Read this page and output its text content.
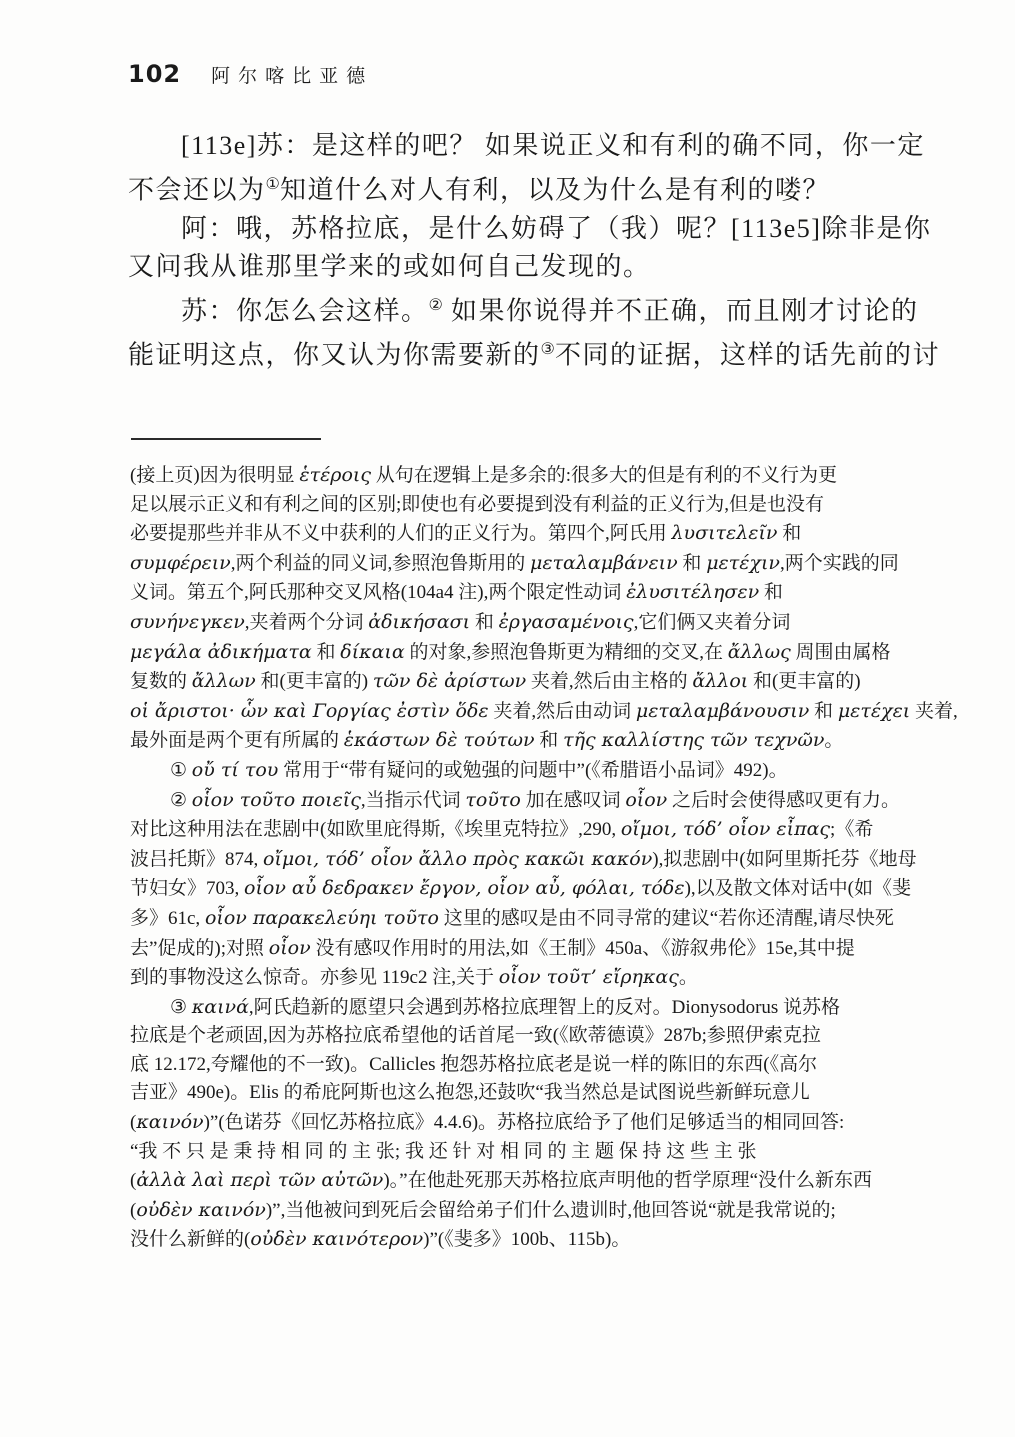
102 阿尔喀比亚德
[113e]苏：是这样的吧？ 如果说正义和有利的确不同，你一定
不会还以为①知道什么对人有利，以及为什么是有利的喽？
阿：哦，苏格拉底，是什么妨碍了（我）呢？[113e5]除非是你
又问我从谁那里学来的或如何自己发现的。
苏：你怎么会这样。② 如果你说得并不正确，而且刚才讨论的
能证明这点，你又认为你需要新的③不同的证据，这样的话先前的讨
(接上页)因为很明显 ἑτέροις 从句在逻辑上是多余的:很多大的但是有利的不义行为更
足以展示正义和有利之间的区别;即使也有必要提到没有利益的正义行为,但是也没有
必要提那些并非从不义中获利的人们的正义行为。第四个,阿氏用 λυσιτελεῖν 和
συμφέρειν,两个利益的同义词,参照泡鲁斯用的 μεταλαμβάνειν 和 μετέχιν,两个实践的同
义词。第五个,阿氏那种交叉风格(104a4 注),两个限定性动词 ἐλυσιτέλησεν 和
συνήνεγκεν,夹着两个分词 ἀδικήσασι 和 ἐργασαμένοις,它们俩又夹着分词
μεγάλα ἀδικήματα 和 δίκαια 的对象,参照泡鲁斯更为精细的交叉,在 ἄλλως 周围由属格
复数的 ἄλλων 和(更丰富的) τῶν δὲ ἀρίστων 夹着,然后由主格的 ἄλλοι 和(更丰富的)
οἱ ἄριστοι· ὧν καὶ Γοργίας ἐστὶν ὅδε 夹着,然后由动词 μεταλαμβάνουσιν 和 μετέχει 夹着,
最外面是两个更有所属的 ἑκάστων δὲ τούτων 和 τῆς καλλίστης τῶν τεχνῶν。
① οὔ τί του 常用于“带有疑问的或勉强的问题中”(《希腊语小品词》492)。
② οἷον τοῦτο ποιεῖς,当指示代词 τοῦτο 加在感叹词 οἷον 之后时会使得感叹更有力。
对比这种用法在悲剧中(如欧里庇得斯,《埃里克特拉》,290, οἴμοι, τόδ’ οἷον εἶπας;《希
波吕托斯》874, οἴμοι, τόδ’ οἷον ἄλλο πρὸς κακῶι κακόν),拟悲剧中(如阿里斯托芬《地母
节妇女》703, οἷον αὖ δεδρακεν ἔργον, οἷον αὖ, φόλαι, τόδε),以及散文体对话中(如《斐
多》61c, οἷον παρακελεύηι τοῦτο 这里的感叹是由不同寻常的建议“若你还清醒,请尽快死
去”促成的);对照 οἷον 没有感叹作用时的用法,如《王制》450a、《游叙弗伦》15e,其中提
到的事物没这么惊奇。亦参见 119c2 注,关于 οἷον τοῦτ’ εἴρηκας。
③ καινά,阿氏趋新的愿望只会遇到苏格拉底理智上的反对。Dionysodorus 说苏格
拉底是个老顽固,因为苏格拉底希望他的话首尾一致(《欧蒂德谟》287b;参照伊索克拉
底 12.172,夸耀他的不一致)。Callicles 抱怨苏格拉底老是说一样的陈旧的东西(《高尔
吉亚》490e)。Elis 的希庇阿斯也这么抱怨,还鼓吹“我当然总是试图说些新鲜玩意儿
(καινόν)”(色诺芬《回忆苏格拉底》4.4.6)。苏格拉底给予了他们足够适当的相同回答:
“我 不 只 是 秉 持 相 同 的 主 张; 我 还 针 对 相 同 的 主 题 保 持 这 些 主 张
(ἀλλὰ λαὶ περὶ τῶν αὐτῶν)。”在他赴死那天苏格拉底声明他的哲学原理“没什么新东西
(οὐδὲν καινόν)”,当他被问到死后会留给弟子们什么遗训时,他回答说“就是我常说的;
没什么新鲜的(οὐδὲν καινότερον)”(《斐多》100b、115b)。
